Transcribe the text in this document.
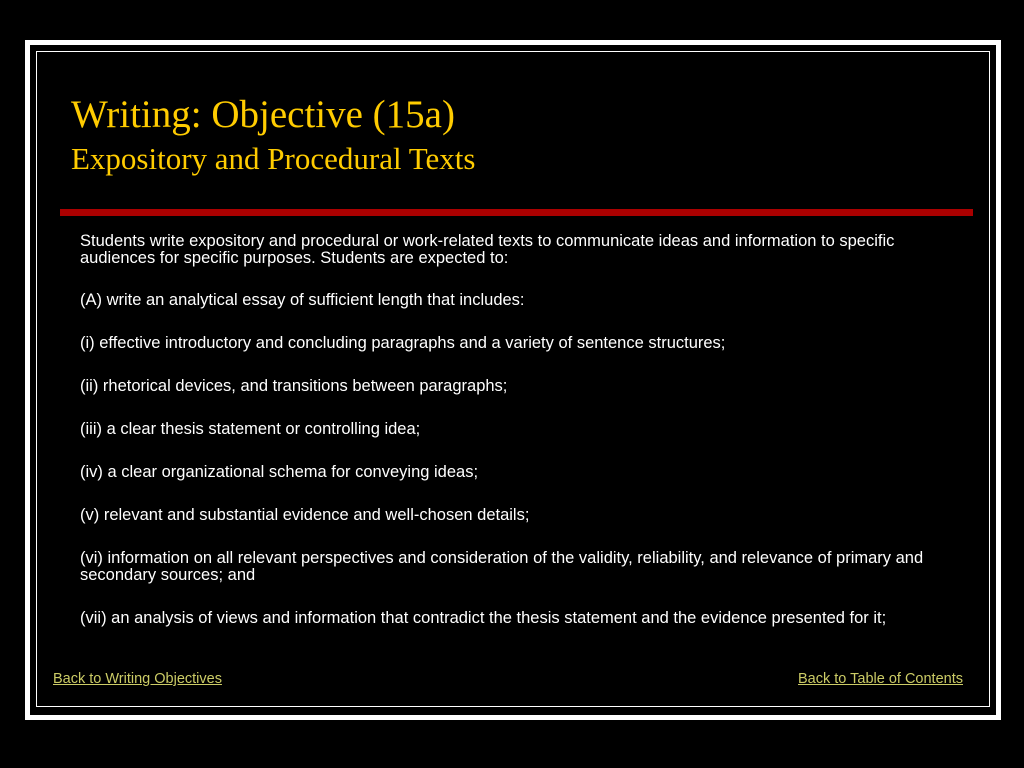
Writing: Objective (15a)
Expository and Procedural Texts

Students write expository and procedural or work-related texts to communicate ideas and information to specific audiences for specific purposes. Students are expected to:

(A) write an analytical essay of sufficient length that includes:

(i) effective introductory and concluding paragraphs and a variety of sentence structures;

(ii) rhetorical devices, and transitions between paragraphs;

(iii) a clear thesis statement or controlling idea;

(iv) a clear organizational schema for conveying ideas;

(v) relevant and substantial evidence and well-chosen details;

(vi) information on all relevant perspectives and consideration of the validity, reliability, and relevance of primary and secondary sources; and

(vii) an analysis of views and information that contradict the thesis statement and the evidence presented for it;

Back to Writing Objectives	Back to Table of Contents
